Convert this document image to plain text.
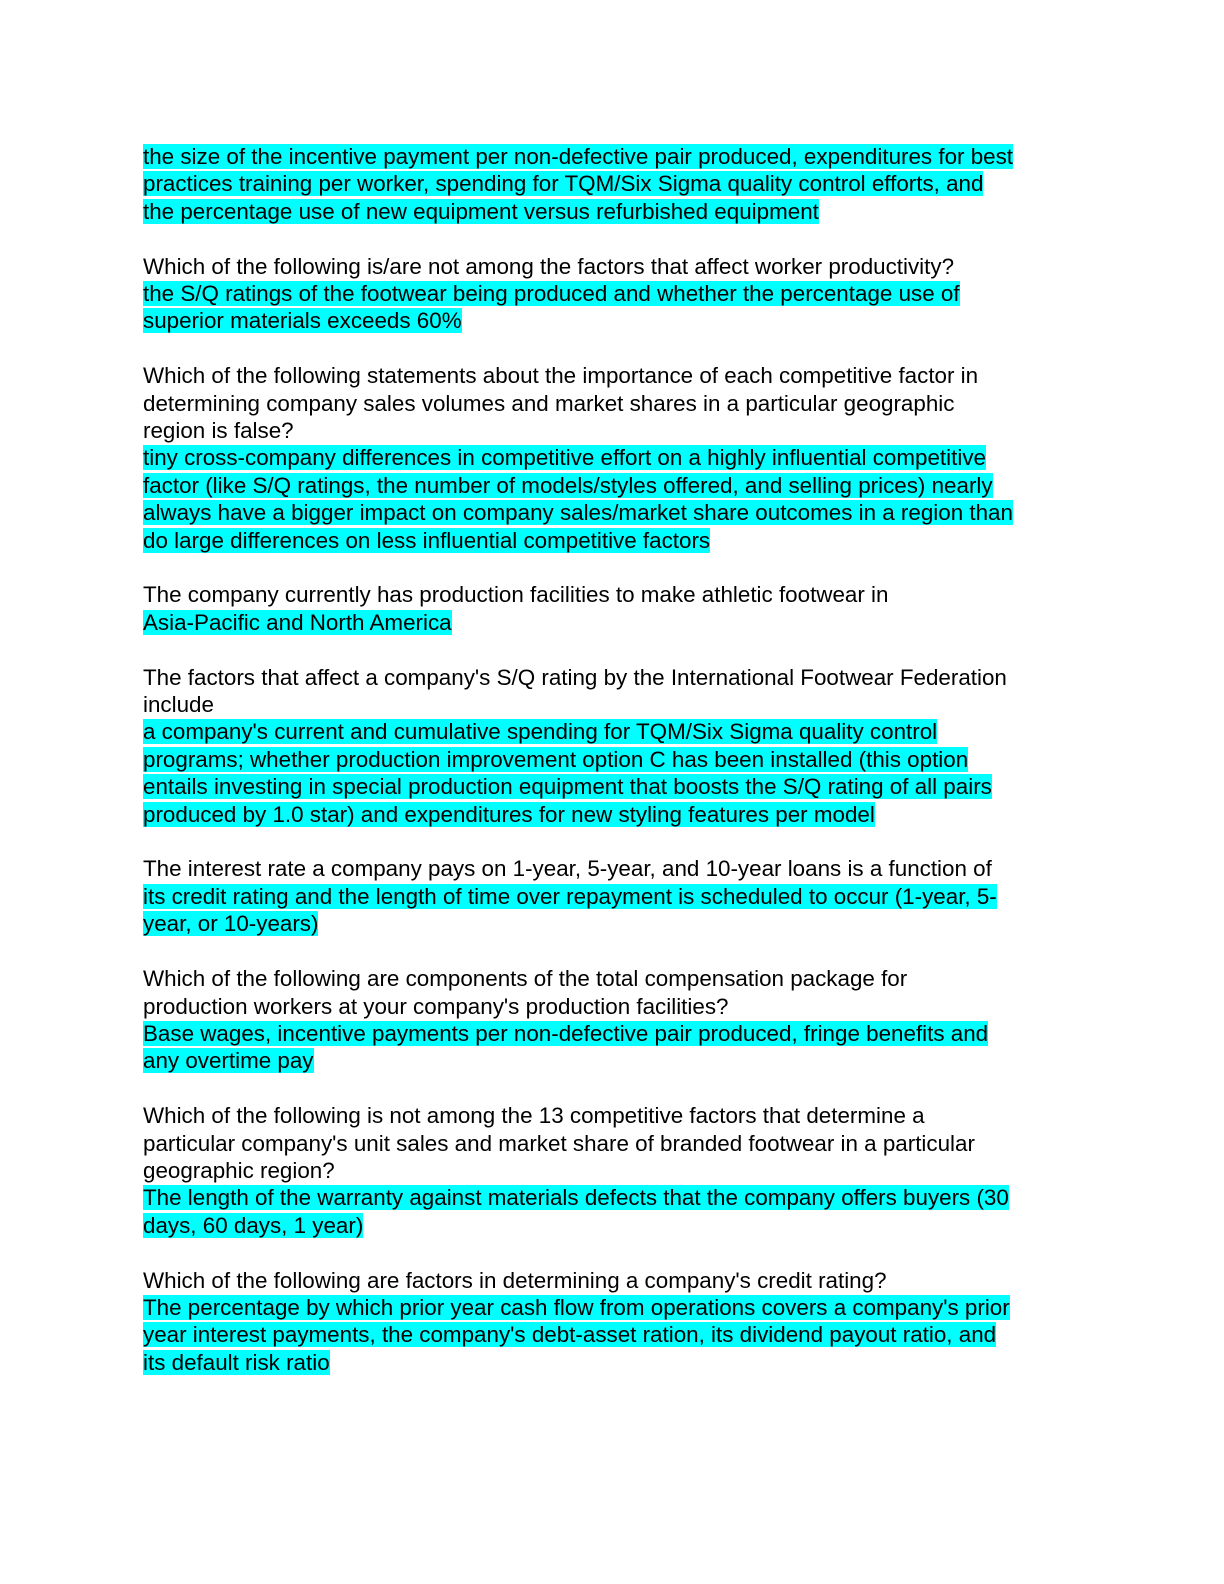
the size of the incentive payment per non-defective pair produced, expenditures for best
practices training per worker, spending for TQM/Six Sigma quality control efforts, and
the percentage use of new equipment versus refurbished equipment
Which of the following is/are not among the factors that affect worker productivity?
the S/Q ratings of the footwear being produced and whether the percentage use of
superior materials exceeds 60%
Which of the following statements about the importance of each competitive factor in
determining company sales volumes and market shares in a particular geographic
region is false?
tiny cross-company differences in competitive effort on a highly influential competitive
factor (like S/Q ratings, the number of models/styles offered, and selling prices) nearly
always have a bigger impact on company sales/market share outcomes in a region than
do large differences on less influential competitive factors
The company currently has production facilities to make athletic footwear in
Asia-Pacific and North America
The factors that affect a company's S/Q rating by the International Footwear Federation
include
a company's current and cumulative spending for TQM/Six Sigma quality control
programs; whether production improvement option C has been installed (this option
entails investing in special production equipment that boosts the S/Q rating of all pairs
produced by 1.0 star) and expenditures for new styling features per model
The interest rate a company pays on 1-year, 5-year, and 10-year loans is a function of
its credit rating and the length of time over repayment is scheduled to occur (1-year, 5-
year, or 10-years)
Which of the following are components of the total compensation package for
production workers at your company's production facilities?
Base wages, incentive payments per non-defective pair produced, fringe benefits and
any overtime pay
Which of the following is not among the 13 competitive factors that determine a
particular company's unit sales and market share of branded footwear in a particular
geographic region?
The length of the warranty against materials defects that the company offers buyers (30
days, 60 days, 1 year)
Which of the following are factors in determining a company's credit rating?
The percentage by which prior year cash flow from operations covers a company's prior
year interest payments, the company's debt-asset ration, its dividend payout ratio, and
its default risk ratio
